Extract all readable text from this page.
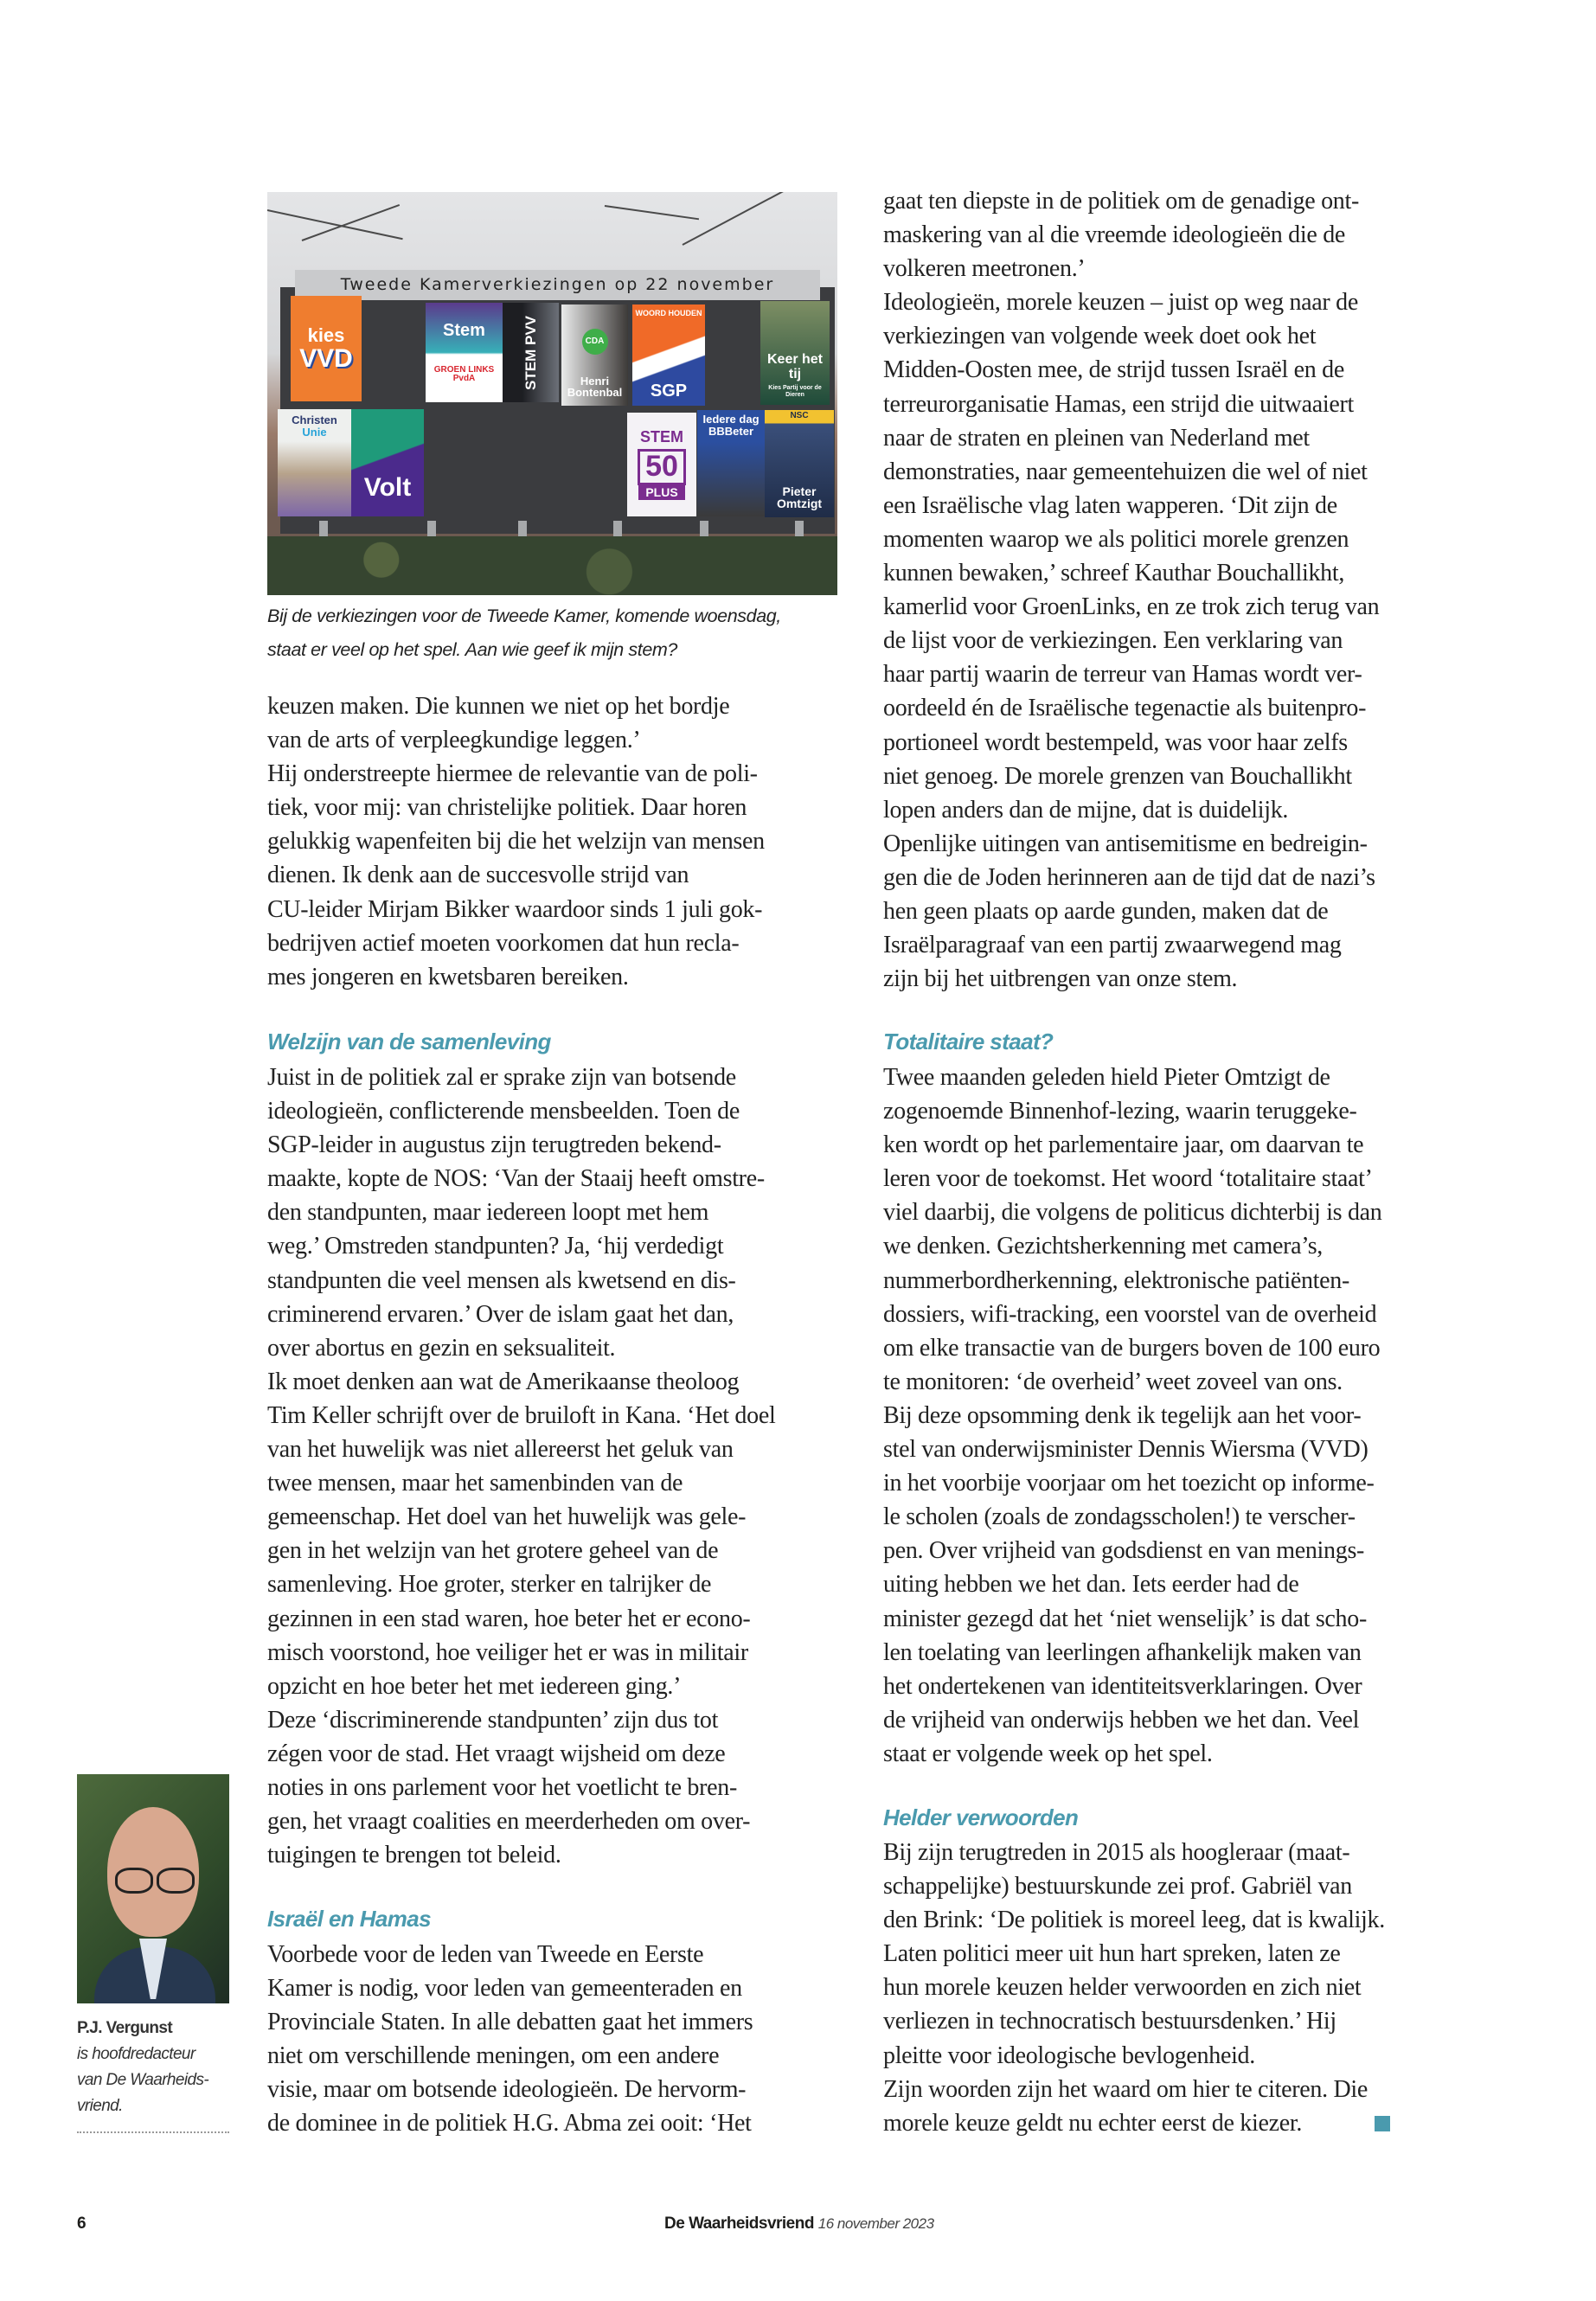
Tweede Kamerverkiezingen op 22 november
kies
VVD
Stem
GROEN LINKS PvdA	STEM PVV	CDA
Henri Bontenbal
WOORD HOUDEN
SGP
Keer het tij
Kies Partij voor de Dieren
Christen
Unie
Volt
STEM
50
PLUS
Iedere dag
BBBeter
NSC
Pieter Omtzigt
Bij de verkiezingen voor de Tweede Kamer, komende woensdag,
staat er veel op het spel. Aan wie geef ik mijn stem?
keuzen maken. Die kunnen we niet op het bordje
van de arts of verpleegkundige leggen.’
Hij onderstreepte hiermee de relevantie van de poli-
tiek, voor mij: van christelijke politiek. Daar horen
gelukkig wapenfeiten bij die het welzijn van mensen
dienen. Ik denk aan de succesvolle strijd van
CU-leider Mirjam Bikker waardoor sinds 1 juli gok-
bedrijven actief moeten voorkomen dat hun recla-
mes jongeren en kwetsbaren bereiken.
Welzijn van de samenleving
Juist in de politiek zal er sprake zijn van botsende
ideologieën, conflicterende mensbeelden. Toen de
SGP-leider in augustus zijn terugtreden bekend-
maakte, kopte de NOS: ‘Van der Staaij heeft omstre-
den standpunten, maar iedereen loopt met hem
weg.’ Omstreden standpunten? Ja, ‘hij verdedigt
standpunten die veel mensen als kwetsend en dis-
criminerend ervaren.’ Over de islam gaat het dan,
over abortus en gezin en seksualiteit.
Ik moet denken aan wat de Amerikaanse theoloog
Tim Keller schrijft over de bruiloft in Kana. ‘Het doel
van het huwelijk was niet allereerst het geluk van
twee mensen, maar het samenbinden van de
gemeenschap. Het doel van het huwelijk was gele-
gen in het welzijn van het grotere geheel van de
samenleving. Hoe groter, sterker en talrijker de
gezinnen in een stad waren, hoe beter het er econo-
misch voorstond, hoe veiliger het er was in militair
opzicht en hoe beter het met iedereen ging.’
Deze ‘discriminerende standpunten’ zijn dus tot
zégen voor de stad. Het vraagt wijsheid om deze
noties in ons parlement voor het voetlicht te bren-
gen, het vraagt coalities en meerderheden om over-
tuigingen te brengen tot beleid.
Israël en Hamas
Voorbede voor de leden van Tweede en Eerste
Kamer is nodig, voor leden van gemeenteraden en
Provinciale Staten. In alle debatten gaat het immers
niet om verschillende meningen, om een andere
visie, maar om botsende ideologieën. De hervorm-
de dominee in de politiek H.G. Abma zei ooit: ‘Het
gaat ten diepste in de politiek om de genadige ont-
maskering van al die vreemde ideologieën die de
volkeren meetronen.’
Ideologieën, morele keuzen – juist op weg naar de
verkiezingen van volgende week doet ook het
Midden-Oosten mee, de strijd tussen Israël en de
terreurorganisatie Hamas, een strijd die uitwaaiert
naar de straten en pleinen van Nederland met
demonstraties, naar gemeentehuizen die wel of niet
een Israëlische vlag laten wapperen. ‘Dit zijn de
momenten waarop we als politici morele grenzen
kunnen bewaken,’ schreef Kauthar Bouchallikht,
kamerlid voor GroenLinks, en ze trok zich terug van
de lijst voor de verkiezingen. Een verklaring van
haar partij waarin de terreur van Hamas wordt ver-
oordeeld én de Israëlische tegenactie als buitenpro-
portioneel wordt bestempeld, was voor haar zelfs
niet genoeg. De morele grenzen van Bouchallikht
lopen anders dan de mijne, dat is duidelijk.
Openlijke uitingen van antisemitisme en bedreigin-
gen die de Joden herinneren aan de tijd dat de nazi’s
hen geen plaats op aarde gunden, maken dat de
Israëlparagraaf van een partij zwaarwegend mag
zijn bij het uitbrengen van onze stem.
Totalitaire staat?
Twee maanden geleden hield Pieter Omtzigt de
zogenoemde Binnenhof-lezing, waarin teruggeke-
ken wordt op het parlementaire jaar, om daarvan te
leren voor de toekomst. Het woord ‘totalitaire staat’
viel daarbij, die volgens de politicus dichterbij is dan
we denken. Gezichtsherkenning met camera’s,
nummerbordherkenning, elektronische patiënten-
dossiers, wifi-tracking, een voorstel van de overheid
om elke transactie van de burgers boven de 100 euro
te monitoren: ‘de overheid’ weet zoveel van ons.
Bij deze opsomming denk ik tegelijk aan het voor-
stel van onderwijsminister Dennis Wiersma (VVD)
in het voorbije voorjaar om het toezicht op informe-
le scholen (zoals de zondagsscholen!) te verscher-
pen. Over vrijheid van godsdienst en van menings-
uiting hebben we het dan. Iets eerder had de
minister gezegd dat het ‘niet wenselijk’ is dat scho-
len toelating van leerlingen afhankelijk maken van
het ondertekenen van identiteitsverklaringen. Over
de vrijheid van onderwijs hebben we het dan. Veel
staat er volgende week op het spel.
Helder verwoorden
Bij zijn terugtreden in 2015 als hoogleraar (maat-
schappelijke) bestuurskunde zei prof. Gabriël van
den Brink: ‘De politiek is moreel leeg, dat is kwalijk.
Laten politici meer uit hun hart spreken, laten ze
hun morele keuzen helder verwoorden en zich niet
verliezen in technocratisch bestuursdenken.’ Hij
pleitte voor ideologische bevlogenheid.
Zijn woorden zijn het waard om hier te citeren. Die
morele keuze geldt nu echter eerst de kiezer.
P.J. Vergunst
is hoofdredacteur
van De Waarheids-
vriend.
6	De Waarheidsvriend 16 november 2023
